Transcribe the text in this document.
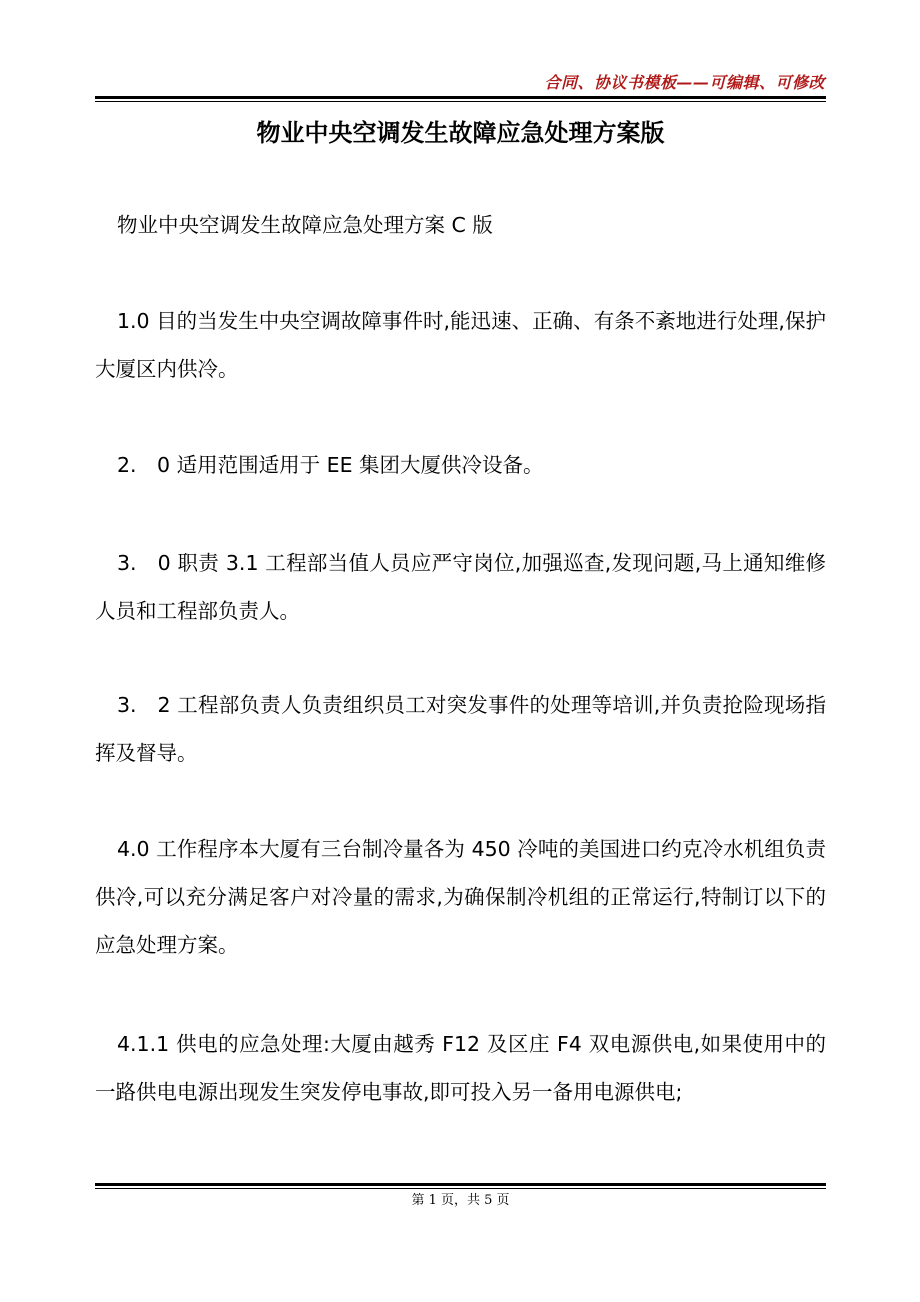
合同、协议书模板——可编辑、可修改
物业中央空调发生故障应急处理方案版

物业中央空调发生故障应急处理方案 C 版

1.0 目的当发生中央空调故障事件时,能迅速、正确、有条不紊地进行处理,保护大厦区内供冷。

2.　0 适用范围适用于 EE 集团大厦供冷设备。

3.　0 职责 3.1 工程部当值人员应严守岗位,加强巡查,发现问题,马上通知维修人员和工程部负责人。

3.　2 工程部负责人负责组织员工对突发事件的处理等培训,并负责抢险现场指挥及督导。

4.0 工作程序本大厦有三台制冷量各为 450 冷吨的美国进口约克冷水机组负责供冷,可以充分满足客户对冷量的需求,为确保制冷机组的正常运行,特制订以下的应急处理方案。

4.1.1 供电的应急处理:大厦由越秀 F12 及区庄 F4 双电源供电,如果使用中的一路供电电源出现发生突发停电事故,即可投入另一备用电源供电;

第 1 页，共 5 页
